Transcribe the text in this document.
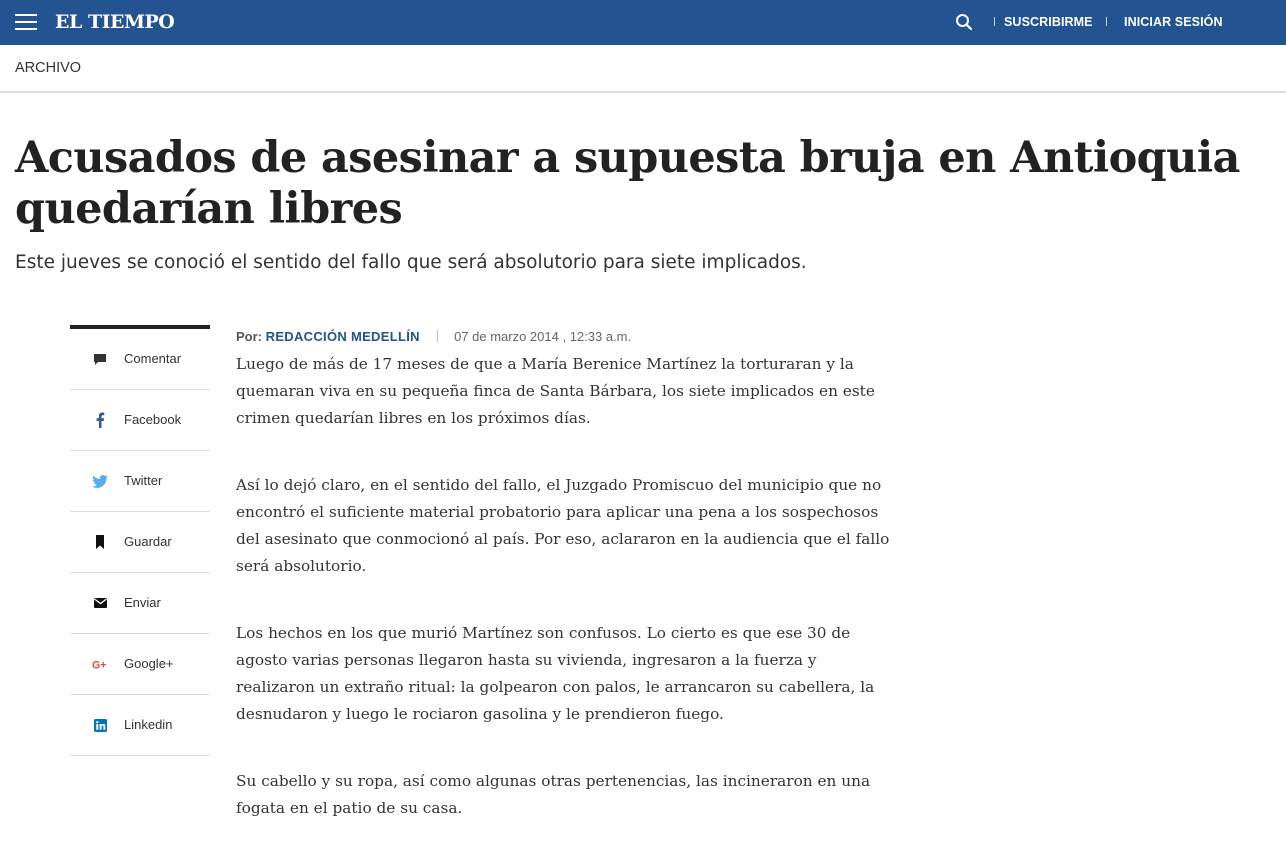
EL TIEMPO	SUSCRIBIRME	INICIAR SESIÓN
ARCHIVO
Acusados de asesinar a supuesta bruja en Antioquia quedarían libres

Este jueves se conoció el sentido del fallo que será absolutorio para siete implicados.

Comentar
Facebook
Twitter
Guardar
Enviar
G+ Google+
Linkedin
Por: REDACCIÓN MEDELLÍN	07 de marzo 2014 , 12:33 a.m.

Luego de más de 17 meses de que a María Berenice Martínez la torturaran y la quemaran viva en su pequeña finca de Santa Bárbara, los siete implicados en este crimen quedarían libres en los próximos días.

Así lo dejó claro, en el sentido del fallo, el Juzgado Promiscuo del municipio que no encontró el suficiente material probatorio para aplicar una pena a los sospechosos del asesinato que conmocionó al país. Por eso, aclararon en la audiencia que el fallo será absolutorio.

Los hechos en los que murió Martínez son confusos. Lo cierto es que ese 30 de agosto varias personas llegaron hasta su vivienda, ingresaron a la fuerza y realizaron un extraño ritual: la golpearon con palos, le arrancaron su cabellera, la desnudaron y luego le rociaron gasolina y le prendieron fuego.

Su cabello y su ropa, así como algunas otras pertenencias, las incineraron en una fogata en el patio de su casa.
